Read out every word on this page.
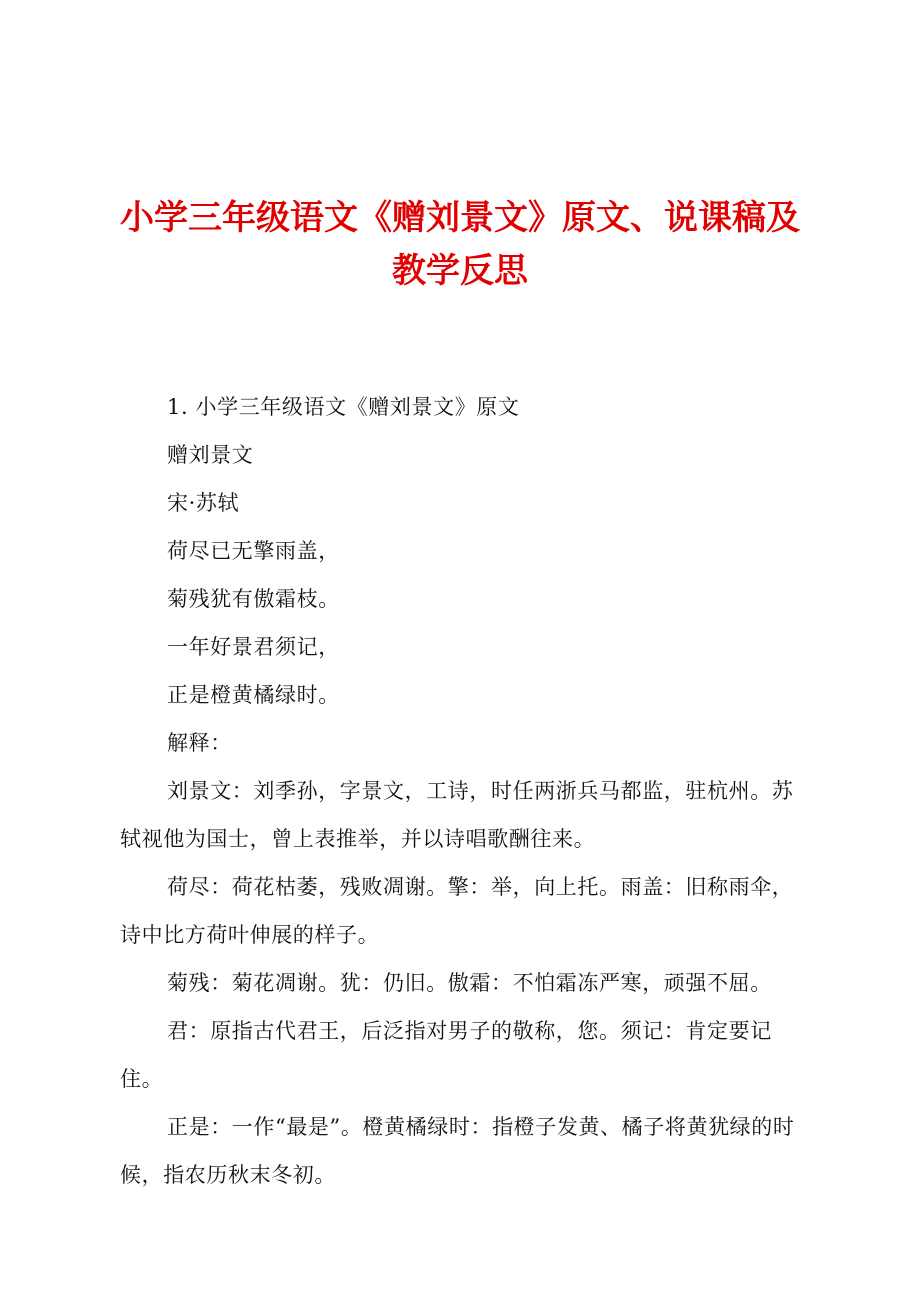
小学三年级语文《赠刘景文》原文、说课稿及
教学反思

1. 小学三年级语文《赠刘景文》原文

赠刘景文

宋·苏轼

荷尽已无擎雨盖，

菊残犹有傲霜枝。

一年好景君须记，

正是橙黄橘绿时。

解释：

刘景文：刘季孙，字景文，工诗，时任两浙兵马都监，驻杭州。苏轼视他为国士，曾上表推举，并以诗唱歌酬往来。

荷尽：荷花枯萎，残败凋谢。擎：举，向上托。雨盖：旧称雨伞，诗中比方荷叶伸展的样子。

菊残：菊花凋谢。犹：仍旧。傲霜：不怕霜冻严寒，顽强不屈。

君：原指古代君王，后泛指对男子的敬称，您。须记：肯定要记住。

正是：一作“最是”。橙黄橘绿时：指橙子发黄、橘子将黄犹绿的时候，指农历秋末冬初。
